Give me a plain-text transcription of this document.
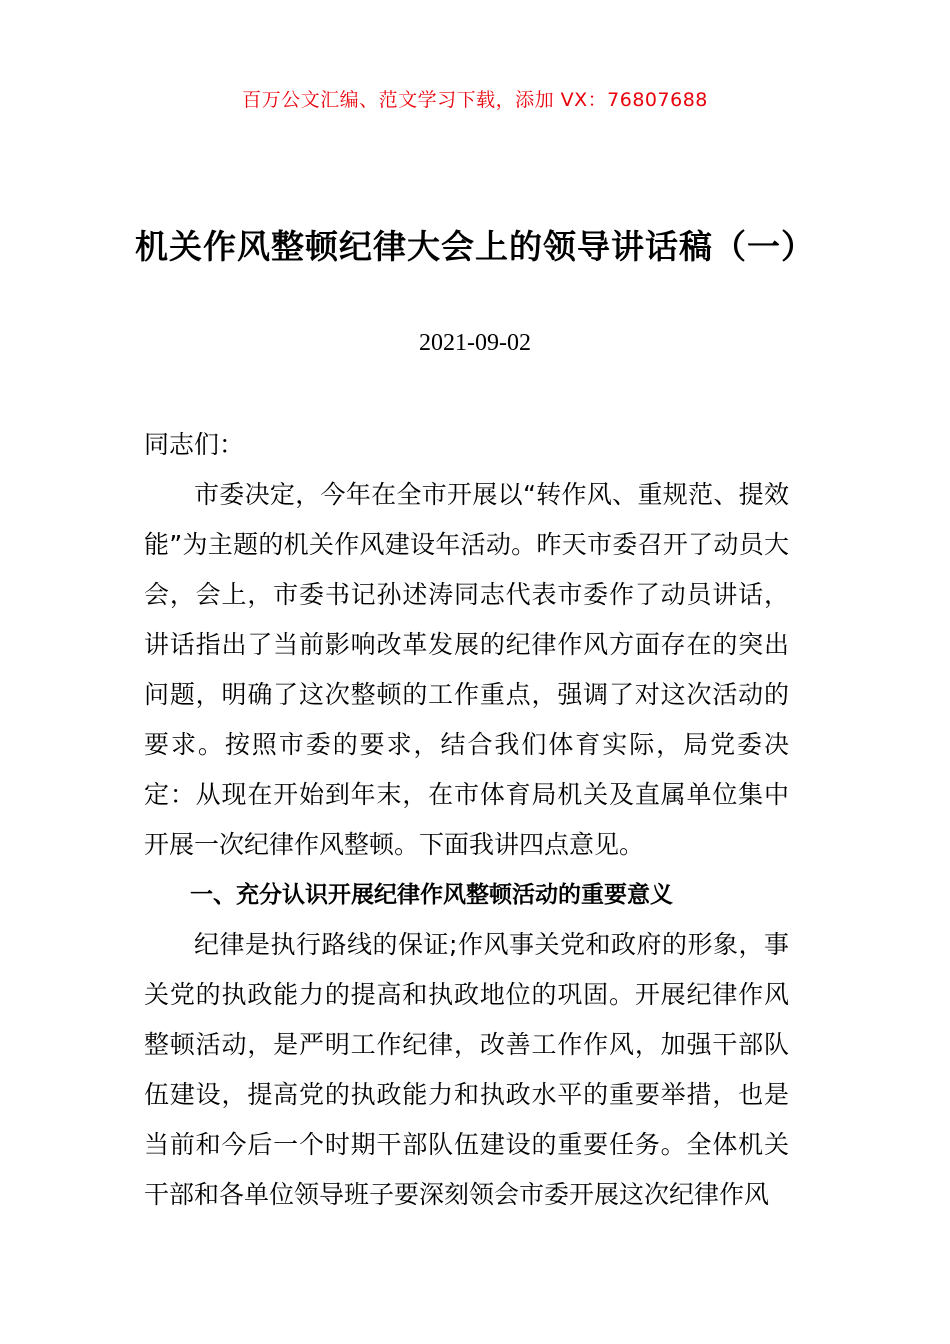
百万公文汇编、范文学习下载，添加 VX：76807688
机关作风整顿纪律大会上的领导讲话稿（一）
2021-09-02

同志们：

市委决定，今年在全市开展以“转作风、重规范、提效能”为主题的机关作风建设年活动。昨天市委召开了动员大会，会上，市委书记孙述涛同志代表市委作了动员讲话，讲话指出了当前影响改革发展的纪律作风方面存在的突出问题，明确了这次整顿的工作重点，强调了对这次活动的要求。按照市委的要求，结合我们体育实际，局党委决定：从现在开始到年末，在市体育局机关及直属单位集中开展一次纪律作风整顿。下面我讲四点意见。

一、充分认识开展纪律作风整顿活动的重要意义

纪律是执行路线的保证;作风事关党和政府的形象，事关党的执政能力的提高和执政地位的巩固。开展纪律作风整顿活动，是严明工作纪律，改善工作作风，加强干部队伍建设，提高党的执政能力和执政水平的重要举措，也是当前和今后一个时期干部队伍建设的重要任务。全体机关干部和各单位领导班子要深刻领会市委开展这次纪律作风
